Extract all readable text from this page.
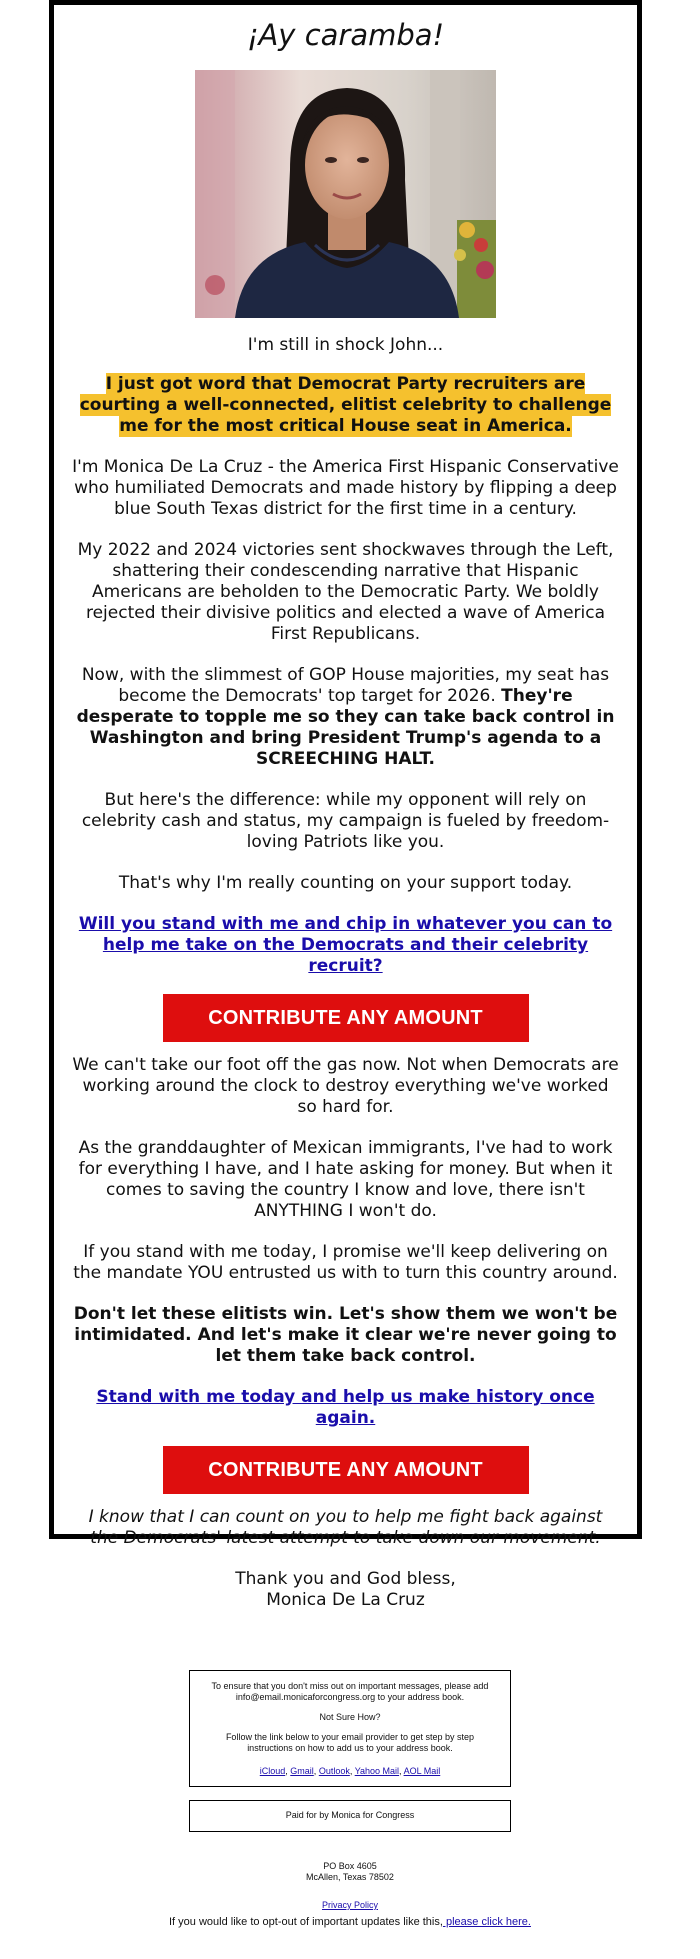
¡Ay caramba!

I'm still in shock John...

I just got word that Democrat Party recruiters are courting a well-connected, elitist celebrity to challenge me for the most critical House seat in America.

I'm Monica De La Cruz - the America First Hispanic Conservative who humiliated Democrats and made history by flipping a deep blue South Texas district for the first time in a century.

My 2022 and 2024 victories sent shockwaves through the Left, shattering their condescending narrative that Hispanic Americans are beholden to the Democratic Party. We boldly rejected their divisive politics and elected a wave of America First Republicans.

Now, with the slimmest of GOP House majorities, my seat has become the Democrats' top target for 2026. They're desperate to topple me so they can take back control in Washington and bring President Trump's agenda to a SCREECHING HALT.

But here's the difference: while my opponent will rely on celebrity cash and status, my campaign is fueled by freedom-loving Patriots like you.

That's why I'm really counting on your support today.

Will you stand with me and chip in whatever you can to help me take on the Democrats and their celebrity recruit?

CONTRIBUTE ANY AMOUNT

We can't take our foot off the gas now. Not when Democrats are working around the clock to destroy everything we've worked so hard for.

As the granddaughter of Mexican immigrants, I've had to work for everything I have, and I hate asking for money. But when it comes to saving the country I know and love, there isn't ANYTHING I won't do.

If you stand with me today, I promise we'll keep delivering on the mandate YOU entrusted us with to turn this country around.

Don't let these elitists win. Let's show them we won't be intimidated. And let's make it clear we're never going to let them take back control.

Stand with me today and help us make history once again.

CONTRIBUTE ANY AMOUNT

I know that I can count on you to help me fight back against the Democrats' latest attempt to take down our movement.

Thank you and God bless,

Monica De La Cruz

To ensure that you don't miss out on important messages, please add info@email.monicaforcongress.org to your address book.

Not Sure How?

Follow the link below to your email provider to get step by step instructions on how to add us to your address book.

iCloud, Gmail, Outlook, Yahoo Mail, AOL Mail

Paid for by Monica for Congress
PO Box 4605
McAllen, Texas 78502
Privacy Policy
If you would like to opt-out of important updates like this, please click here.
